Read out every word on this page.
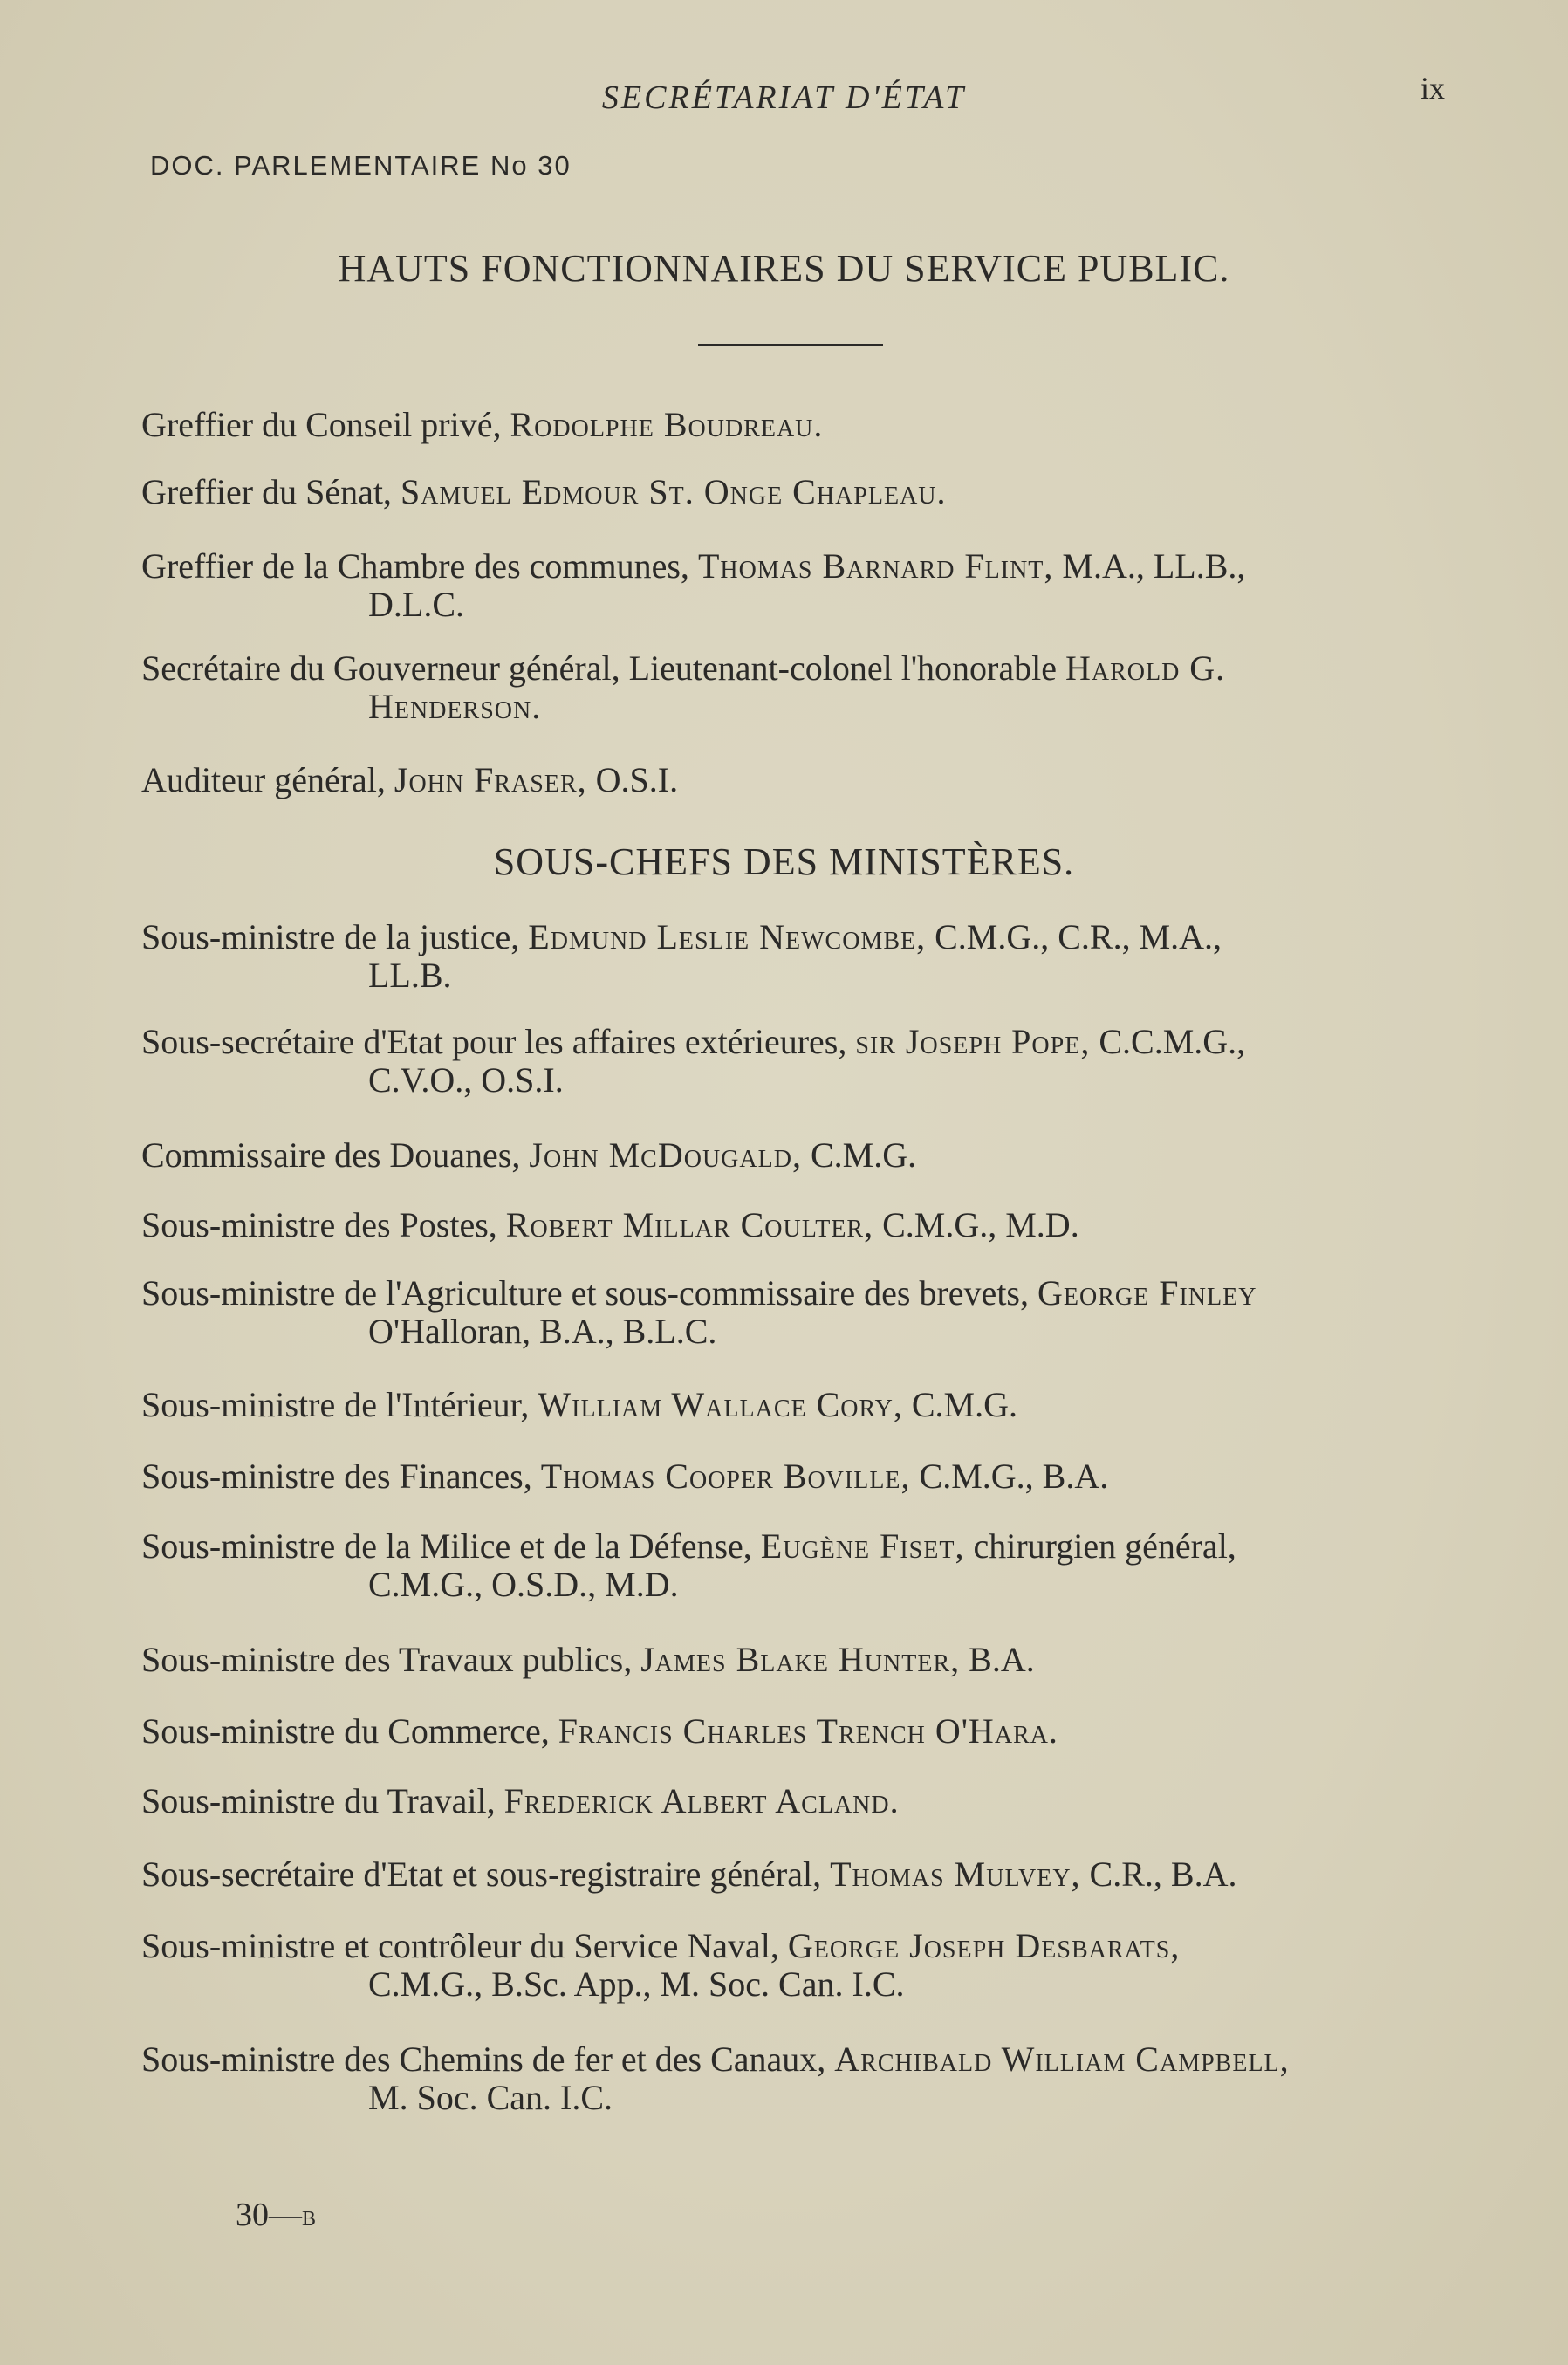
SECRÉTARIAT D'ÉTAT	ix
DOC. PARLEMENTAIRE No 30
HAUTS FONCTIONNAIRES DU SERVICE PUBLIC.
Greffier du Conseil privé, Rodolphe Boudreau.
Greffier du Sénat, Samuel Edmour St. Onge Chapleau.
Greffier de la Chambre des communes, Thomas Barnard Flint, M.A., LL.B.,
D.L.C.
Secrétaire du Gouverneur général, Lieutenant-colonel l'honorable Harold G.
Henderson.
Auditeur général, John Fraser, O.S.I.
SOUS-CHEFS DES MINISTÈRES.
Sous-ministre de la justice, Edmund Leslie Newcombe, C.M.G., C.R., M.A.,
LL.B.
Sous-secrétaire d'Etat pour les affaires extérieures, sir Joseph Pope, C.C.M.G.,
C.V.O., O.S.I.
Commissaire des Douanes, John McDougald, C.M.G.
Sous-ministre des Postes, Robert Millar Coulter, C.M.G., M.D.
Sous-ministre de l'Agriculture et sous-commissaire des brevets, George Finley
O'Halloran, B.A., B.L.C.
Sous-ministre de l'Intérieur, William Wallace Cory, C.M.G.
Sous-ministre des Finances, Thomas Cooper Boville, C.M.G., B.A.
Sous-ministre de la Milice et de la Défense, Eugène Fiset, chirurgien général,
C.M.G., O.S.D., M.D.
Sous-ministre des Travaux publics, James Blake Hunter, B.A.
Sous-ministre du Commerce, Francis Charles Trench O'Hara.
Sous-ministre du Travail, Frederick Albert Acland.
Sous-secrétaire d'Etat et sous-registraire général, Thomas Mulvey, C.R., B.A.
Sous-ministre et contrôleur du Service Naval, George Joseph Desbarats,
C.M.G., B.Sc. App., M. Soc. Can. I.C.
Sous-ministre des Chemins de fer et des Canaux, Archibald William Campbell,
M. Soc. Can. I.C.
30—b
